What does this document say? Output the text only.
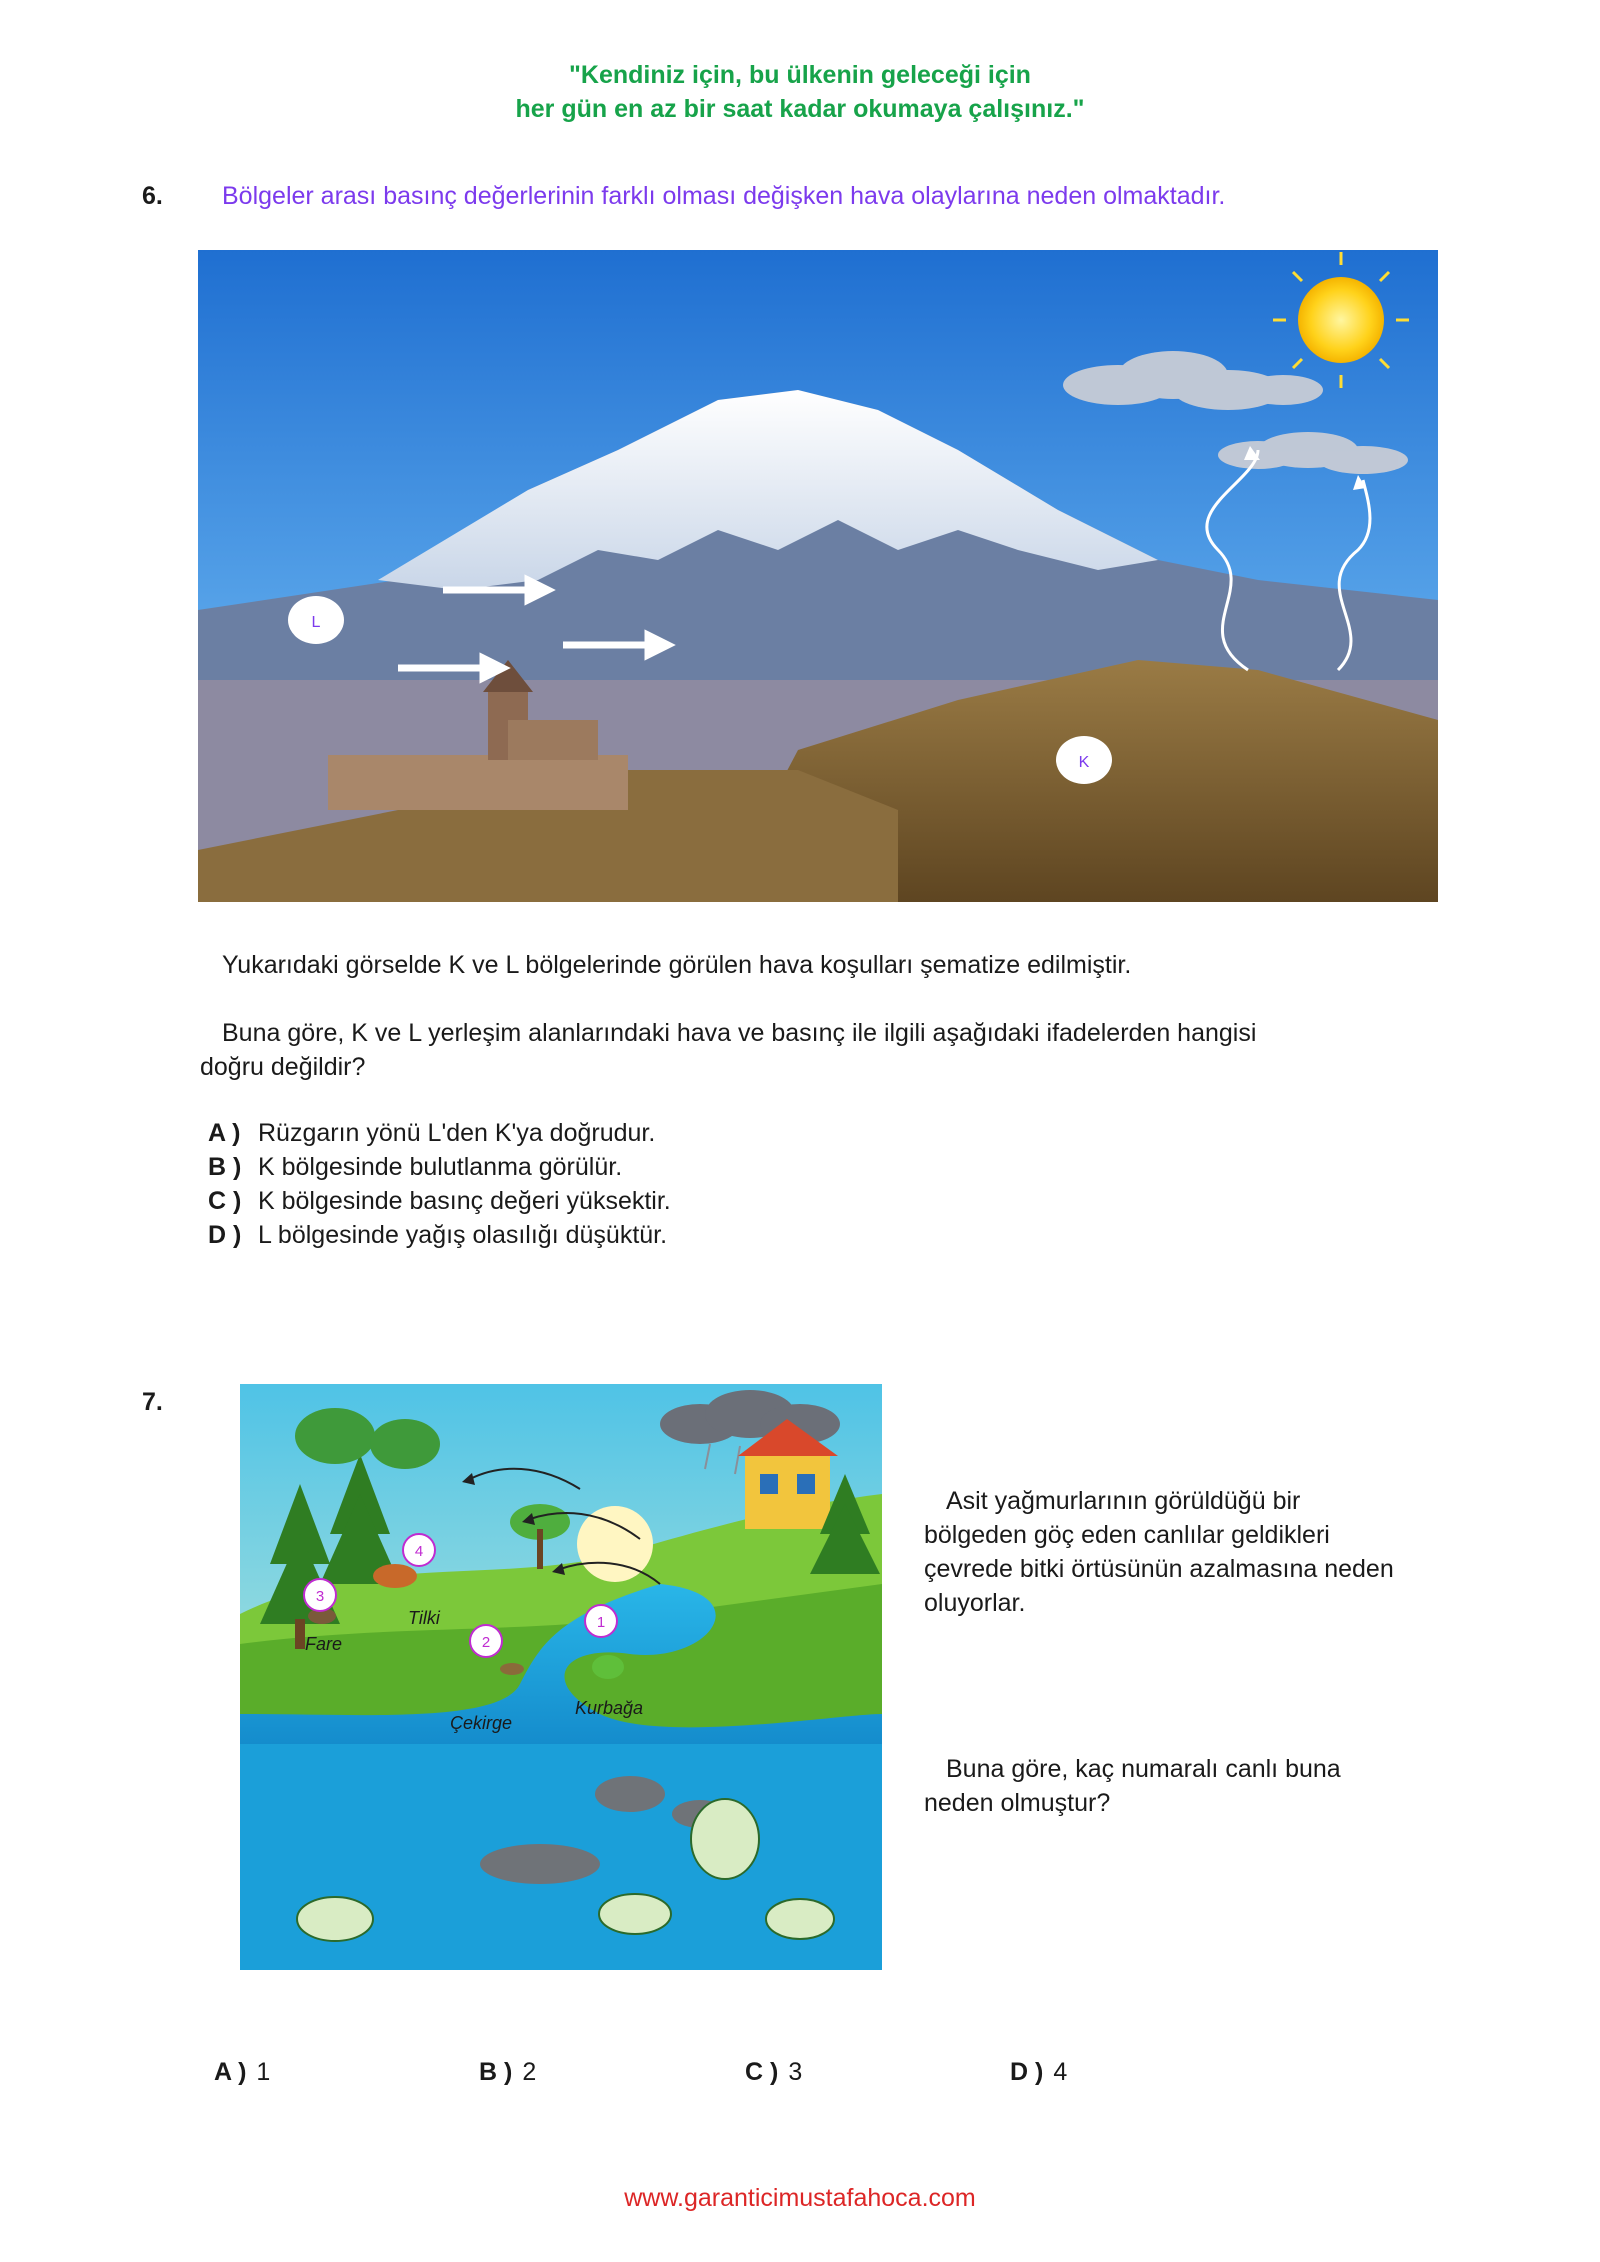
"Kendiniz için, bu ülkenin geleceği için
her gün en az bir saat kadar okumaya çalışınız."
6. Bölgeler arası basınç değerlerinin farklı olması değişken hava olaylarına neden olmaktadır.
L
K
Yukarıdaki görselde K ve L bölgelerinde görülen hava koşulları şematize edilmiştir.
Buna göre, K ve L yerleşim alanlarındaki hava ve basınç ile ilgili aşağıdaki ifadelerden hangisi
doğru değildir?
A ) Rüzgarın yönü L'den K'ya doğrudur.
B ) K bölgesinde bulutlanma görülür.
C ) K bölgesinde basınç değeri yüksektir.
D ) L bölgesinde yağış olasılığı düşüktür.
7.
1
2
3
4
Kurbağa
Çekirge
Fare
Tilki
Asit yağmurlarının görüldüğü bir
bölgeden göç eden canlılar geldikleri
çevrede bitki örtüsünün azalmasına neden
oluyorlar.
Buna göre, kaç numaralı canlı buna
neden olmuştur?
A ) 1	B ) 2	C ) 3	D ) 4
www.garanticimustafahoca.com
